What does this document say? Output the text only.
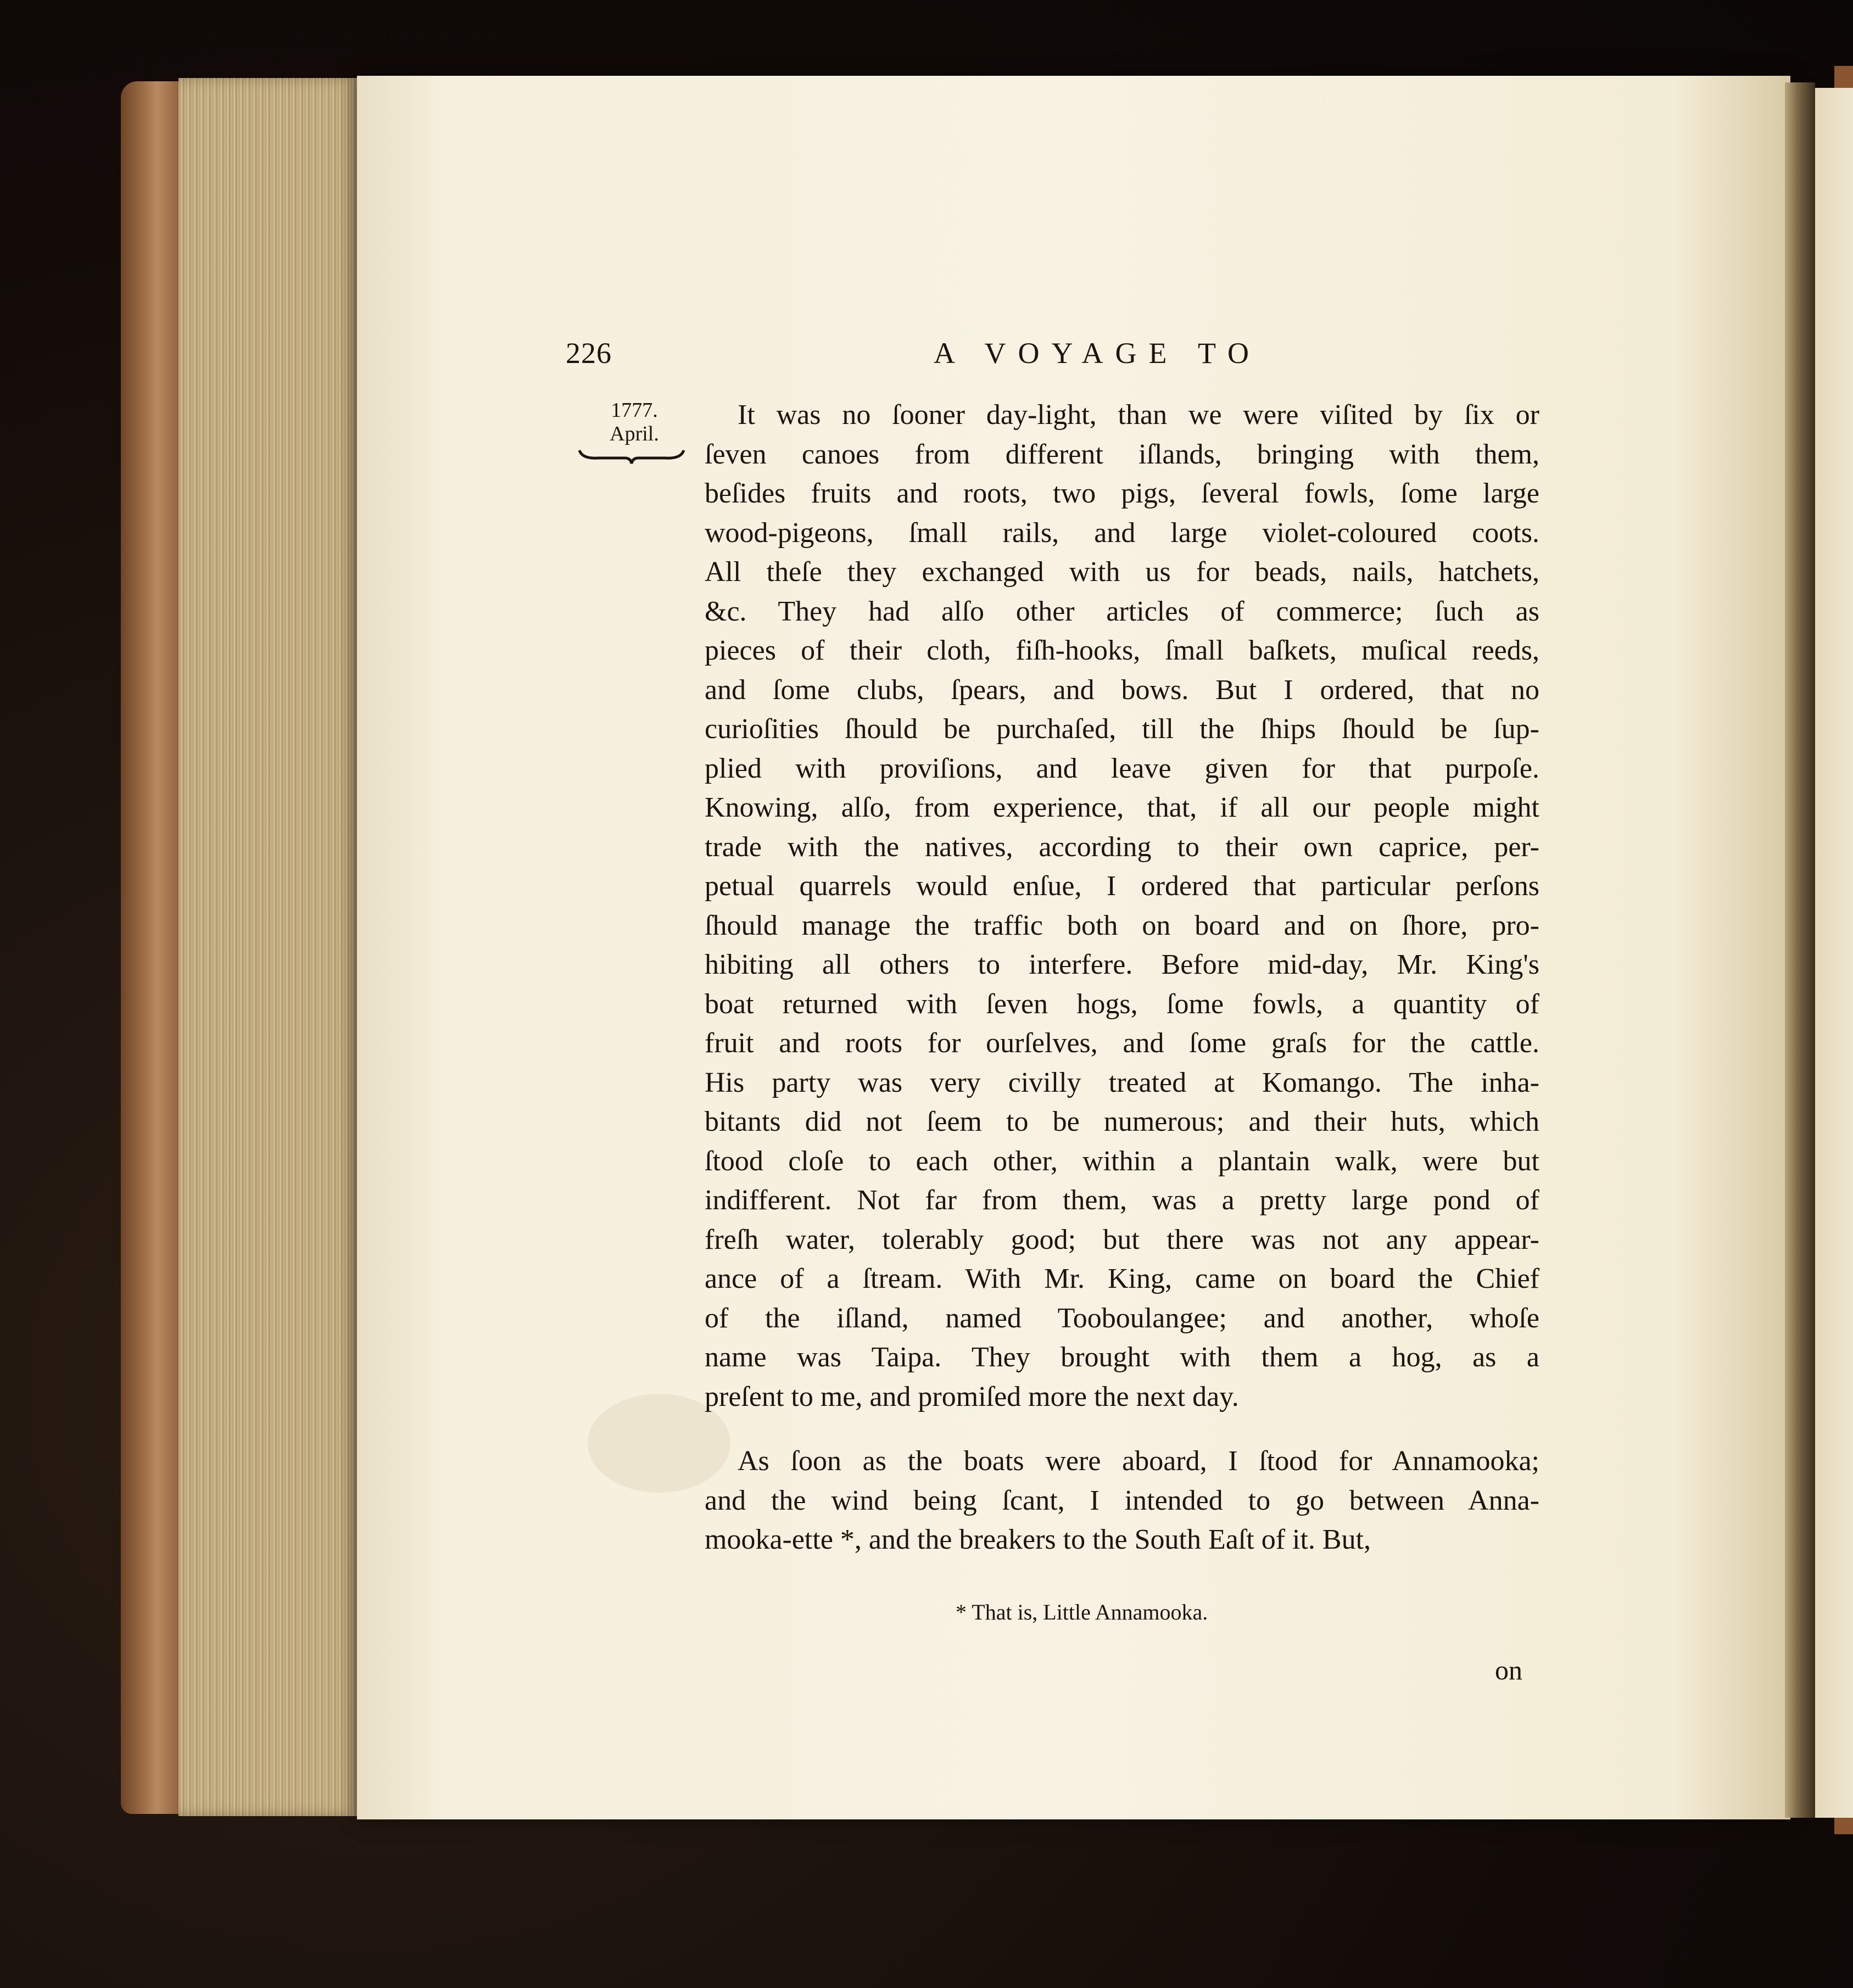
226	A VOYAGE TO
1777.
April.
It was no ſooner day-light, than we were viſited by ſix or
ſeven canoes from different iſlands, bringing with them,
beſides fruits and roots, two pigs, ſeveral fowls, ſome large
wood-pigeons, ſmall rails, and large violet-coloured coots.
All theſe they exchanged with us for beads, nails, hatchets,
&c. They had alſo other articles of commerce; ſuch as
pieces of their cloth, fiſh-hooks, ſmall baſkets, muſical reeds,
and ſome clubs, ſpears, and bows. But I ordered, that no
curioſities ſhould be purchaſed, till the ſhips ſhould be ſup-
plied with proviſions, and leave given for that purpoſe.
Knowing, alſo, from experience, that, if all our people might
trade with the natives, according to their own caprice, per-
petual quarrels would enſue, I ordered that particular perſons
ſhould manage the traffic both on board and on ſhore, pro-
hibiting all others to interfere. Before mid-day, Mr. King's
boat returned with ſeven hogs, ſome fowls, a quantity of
fruit and roots for ourſelves, and ſome graſs for the cattle.
His party was very civilly treated at Komango. The inha-
bitants did not ſeem to be numerous; and their huts, which
ſtood cloſe to each other, within a plantain walk, were but
indifferent. Not far from them, was a pretty large pond of
freſh water, tolerably good; but there was not any appear-
ance of a ſtream. With Mr. King, came on board the Chief
of the iſland, named Tooboulangee; and another, whoſe
name was Taipa. They brought with them a hog, as a
preſent to me, and promiſed more the next day.
As ſoon as the boats were aboard, I ſtood for Annamooka;
and the wind being ſcant, I intended to go between Anna-
mooka-ette *, and the breakers to the South Eaſt of it. But,
* That is, Little Annamooka.
on
